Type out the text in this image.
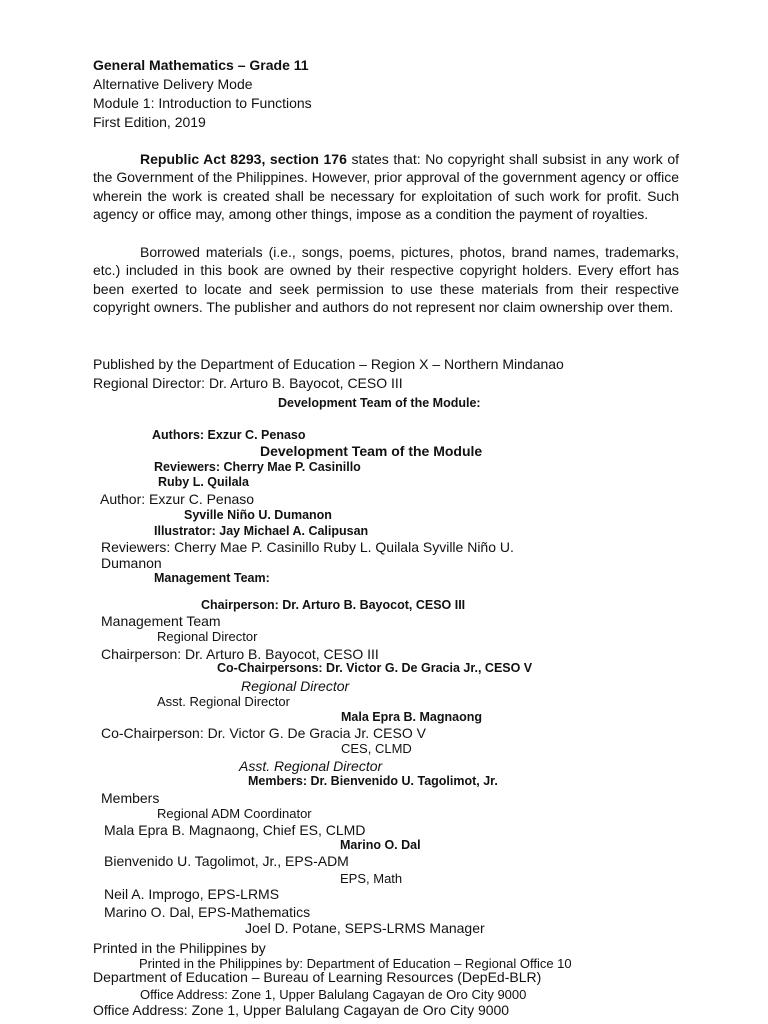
General Mathematics – Grade 11
Alternative Delivery Mode
Module 1: Introduction to Functions
First Edition, 2019

Republic Act 8293, section 176 states that: No copyright shall subsist in any work of the Government of the Philippines. However, prior approval of the government agency or office wherein the work is created shall be necessary for exploitation of such work for profit. Such agency or office may, among other things, impose as a condition the payment of royalties.

Borrowed materials (i.e., songs, poems, pictures, photos, brand names, trademarks, etc.) included in this book are owned by their respective copyright holders. Every effort has been exerted to locate and seek permission to use these materials from their respective copyright owners. The publisher and authors do not represent nor claim ownership over them.

Published by the Department of Education – Region X – Northern Mindanao
Regional Director: Dr. Arturo B. Bayocot, CESO III
Development Team of the Module:
Authors: Exzur C. Penaso
Development Team of the Module
Reviewers: Cherry Mae P. Casinillo
Ruby L. Quilala
Author: Exzur C. Penaso
Syville Niño U. Dumanon
Illustrator: Jay Michael A. Calipusan
Reviewers: Cherry Mae P. Casinillo Ruby L. Quilala Syville Niño U.
Dumanon
Management Team:
Chairperson: Dr. Arturo B. Bayocot, CESO III
Management Team
Regional Director
Chairperson: Dr. Arturo B. Bayocot, CESO III
Co-Chairpersons: Dr. Victor G. De Gracia Jr., CESO V
Regional Director
Asst. Regional Director
Mala Epra B. Magnaong
Co-Chairperson: Dr. Victor G. De Gracia Jr. CESO V
CES, CLMD
Asst. Regional Director
Members: Dr. Bienvenido U. Tagolimot, Jr.
Members
Regional ADM Coordinator
Mala Epra B. Magnaong, Chief ES, CLMD
Marino O. Dal
Bienvenido U. Tagolimot, Jr., EPS-ADM
EPS, Math
Neil A. Improgo, EPS-LRMS
Marino O. Dal, EPS-Mathematics
Joel D. Potane, SEPS-LRMS Manager
Printed in the Philippines by
Printed in the Philippines by: Department of Education – Regional Office 10
Department of Education – Bureau of Learning Resources (DepEd-BLR)
Office Address: Zone 1, Upper Balulang Cagayan de Oro City 9000
Office Address: Zone 1, Upper Balulang Cagayan de Oro City 9000
